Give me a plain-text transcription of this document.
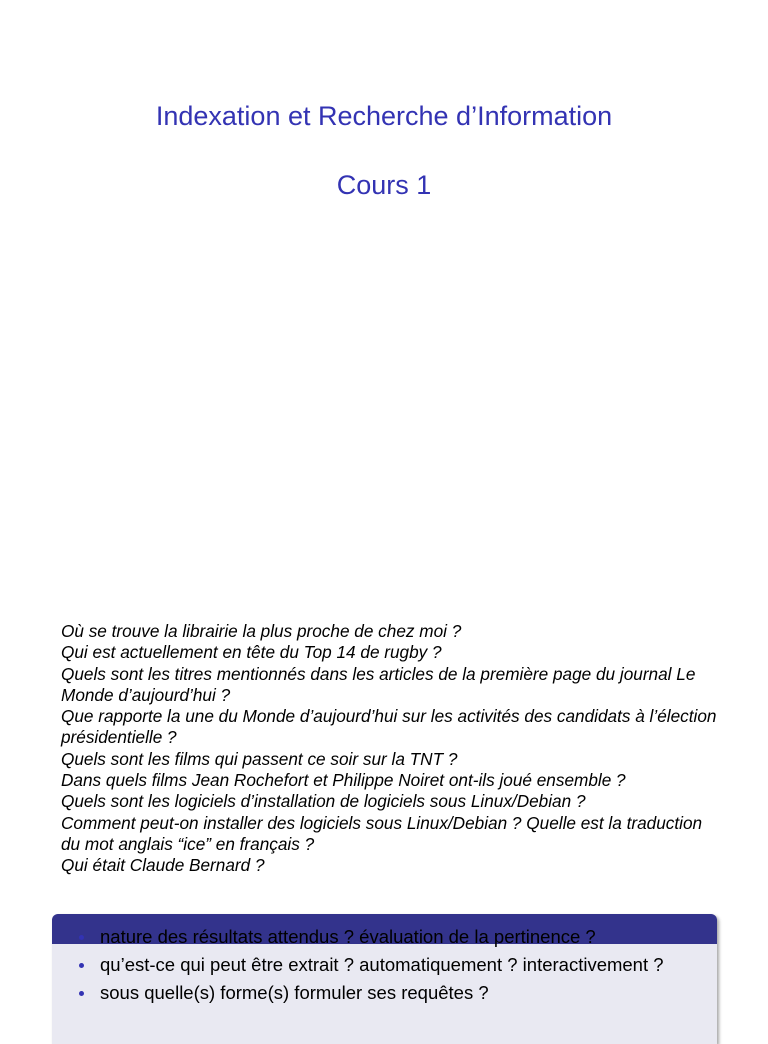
Indexation et Recherche d’Information
Cours 1
Où se trouve la librairie la plus proche de chez moi ?
Qui est actuellement en tête du Top 14 de rugby ?
Quels sont les titres mentionnés dans les articles de la première page du journal Le Monde d’aujourd’hui ?
Que rapporte la une du Monde d’aujourd’hui sur les activités des candidats à l’élection présidentielle ?
Quels sont les films qui passent ce soir sur la TNT ?
Dans quels films Jean Rochefort et Philippe Noiret ont-ils joué ensemble ?
Quels sont les logiciels d’installation de logiciels sous Linux/Debian ?
Comment peut-on installer des logiciels sous Linux/Debian ? Quelle est la traduction du mot anglais “ice” en français ?
Qui était Claude Bernard ?
nature des résultats attendus ? évaluation de la pertinence ?
qu’est-ce qui peut être extrait ? automatiquement ? interactivement ?
sous quelle(s) forme(s) formuler ses requêtes ?
